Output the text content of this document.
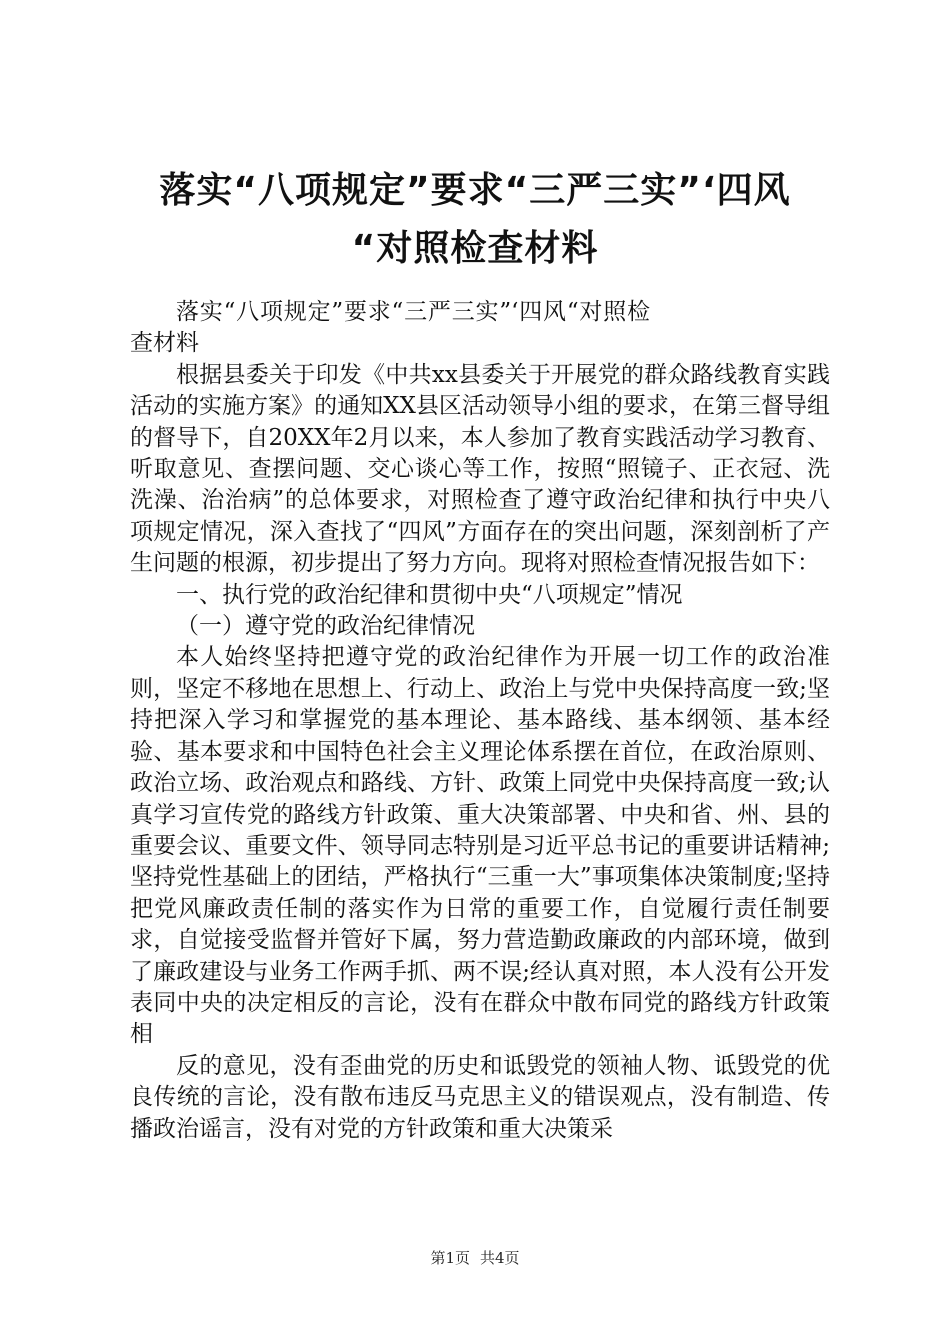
落实“八项规定”要求“三严三实”‘四风
“对照检查材料

落实“八项规定”要求“三严三实”‘四风“对照检查材料

根据县委关于印发《中共xx县委关于开展党的群众路线教育实践活动的实施方案》的通知XX县区活动领导小组的要求，在第三督导组的督导下，自20XX年2月以来，本人参加了教育实践活动学习教育、听取意见、查摆问题、交心谈心等工作，按照“照镜子、正衣冠、洗洗澡、治治病”的总体要求，对照检查了遵守政治纪律和执行中央八项规定情况，深入查找了“四风”方面存在的突出问题，深刻剖析了产生问题的根源，初步提出了努力方向。现将对照检查情况报告如下：

一、执行党的政治纪律和贯彻中央“八项规定”情况

（一）遵守党的政治纪律情况

本人始终坚持把遵守党的政治纪律作为开展一切工作的政治准则，坚定不移地在思想上、行动上、政治上与党中央保持高度一致;坚持把深入学习和掌握党的基本理论、基本路线、基本纲领、基本经验、基本要求和中国特色社会主义理论体系摆在首位，在政治原则、政治立场、政治观点和路线、方针、政策上同党中央保持高度一致;认真学习宣传党的路线方针政策、重大决策部署、中央和省、州、县的重要会议、重要文件、领导同志特别是习近平总书记的重要讲话精神;坚持党性基础上的团结，严格执行“三重一大”事项集体决策制度;坚持把党风廉政责任制的落实作为日常的重要工作，自觉履行责任制要求，自觉接受监督并管好下属，努力营造勤政廉政的内部环境，做到了廉政建设与业务工作两手抓、两不误;经认真对照，本人没有公开发表同中央的决定相反的言论，没有在群众中散布同党的路线方针政策相

反的意见，没有歪曲党的历史和诋毁党的领袖人物、诋毁党的优良传统的言论，没有散布违反马克思主义的错误观点，没有制造、传播政治谣言，没有对党的方针政策和重大决策采

第1页 共4页
